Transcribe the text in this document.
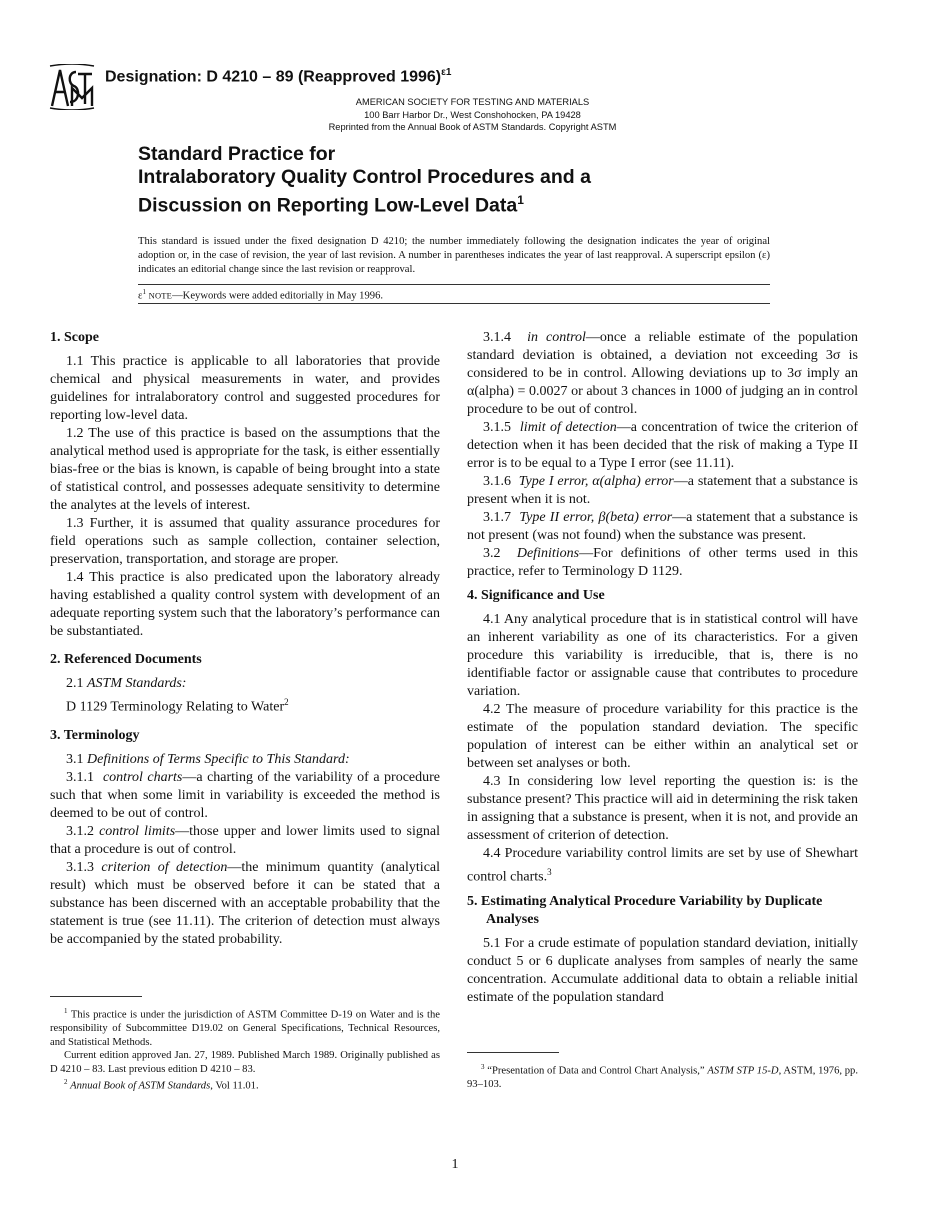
Designation: D 4210 – 89 (Reapproved 1996)$^{\varepsilon 1}$
AMERICAN SOCIETY FOR TESTING AND MATERIALS
100 Barr Harbor Dr., West Conshohocken, PA 19428
Reprinted from the Annual Book of ASTM Standards. Copyright ASTM
Standard Practice for
Intralaboratory Quality Control Procedures and a
Discussion on Reporting Low-Level Data$^1$
This standard is issued under the fixed designation D 4210; the number immediately following the designation indicates the year of original adoption or, in the case of revision, the year of last revision. A number in parentheses indicates the year of last reapproval. A superscript epsilon (ε) indicates an editorial change since the last revision or reapproval.
$\varepsilon^1$ NOTE—Keywords were added editorially in May 1996.
1. Scope

1.1 This practice is applicable to all laboratories that provide chemical and physical measurements in water, and provides guidelines for intralaboratory control and suggested procedures for reporting low-level data.

1.2 The use of this practice is based on the assumptions that the analytical method used is appropriate for the task, is either essentially bias-free or the bias is known, is capable of being brought into a state of statistical control, and possesses adequate sensitivity to determine the analytes at the levels of interest.

1.3 Further, it is assumed that quality assurance procedures for field operations such as sample collection, container selection, preservation, transportation, and storage are proper.

1.4 This practice is also predicated upon the laboratory already having established a quality control system with development of an adequate reporting system such that the laboratory’s performance can be substantiated.

2. Referenced Documents

2.1 ASTM Standards:

D 1129 Terminology Relating to Water$^2$

3. Terminology

3.1 Definitions of Terms Specific to This Standard:

3.1.1 control charts—a charting of the variability of a procedure such that when some limit in variability is exceeded the method is deemed to be out of control.

3.1.2 control limits—those upper and lower limits used to signal that a procedure is out of control.

3.1.3 criterion of detection—the minimum quantity (analytical result) which must be observed before it can be stated that a substance has been discerned with an acceptable probability that the statement is true (see 11.11). The criterion of detection must always be accompanied by the stated probability.

3.1.4 in control—once a reliable estimate of the population standard deviation is obtained, a deviation not exceeding 3σ is considered to be in control. Allowing deviations up to 3σ imply an α(alpha) = 0.0027 or about 3 chances in 1000 of judging an in control procedure to be out of control.

3.1.5 limit of detection—a concentration of twice the criterion of detection when it has been decided that the risk of making a Type II error is to be equal to a Type I error (see 11.11).

3.1.6 Type I error, α(alpha) error—a statement that a substance is present when it is not.

3.1.7 Type II error, β(beta) error—a statement that a substance is not present (was not found) when the substance was present.

3.2 Definitions—For definitions of other terms used in this practice, refer to Terminology D 1129.

4. Significance and Use

4.1 Any analytical procedure that is in statistical control will have an inherent variability as one of its characteristics. For a given procedure this variability is irreducible, that is, there is no identifiable factor or assignable cause that contributes to procedure variation.

4.2 The measure of procedure variability for this practice is the estimate of the population standard deviation. The specific population of interest can be either within an analytical set or between set analyses or both.

4.3 In considering low level reporting the question is: is the substance present? This practice will aid in determining the risk taken in assigning that a substance is present, when it is not, and provide an assessment of criterion of detection.

4.4 Procedure variability control limits are set by use of Shewhart control charts.$^3$

5. Estimating Analytical Procedure Variability by Duplicate Analyses

5.1 For a crude estimate of population standard deviation, initially conduct 5 or 6 duplicate analyses from samples of nearly the same concentration. Accumulate additional data to obtain a reliable initial estimate of the population standard

$^1$ This practice is under the jurisdiction of ASTM Committee D-19 on Water and is the responsibility of Subcommittee D19.02 on General Specifications, Technical Resources, and Statistical Methods.

Current edition approved Jan. 27, 1989. Published March 1989. Originally published as D 4210 – 83. Last previous edition D 4210 – 83.

$^2$ Annual Book of ASTM Standards, Vol 11.01.

$^3$ “Presentation of Data and Control Chart Analysis,” ASTM STP 15-D, ASTM, 1976, pp. 93–103.

1
